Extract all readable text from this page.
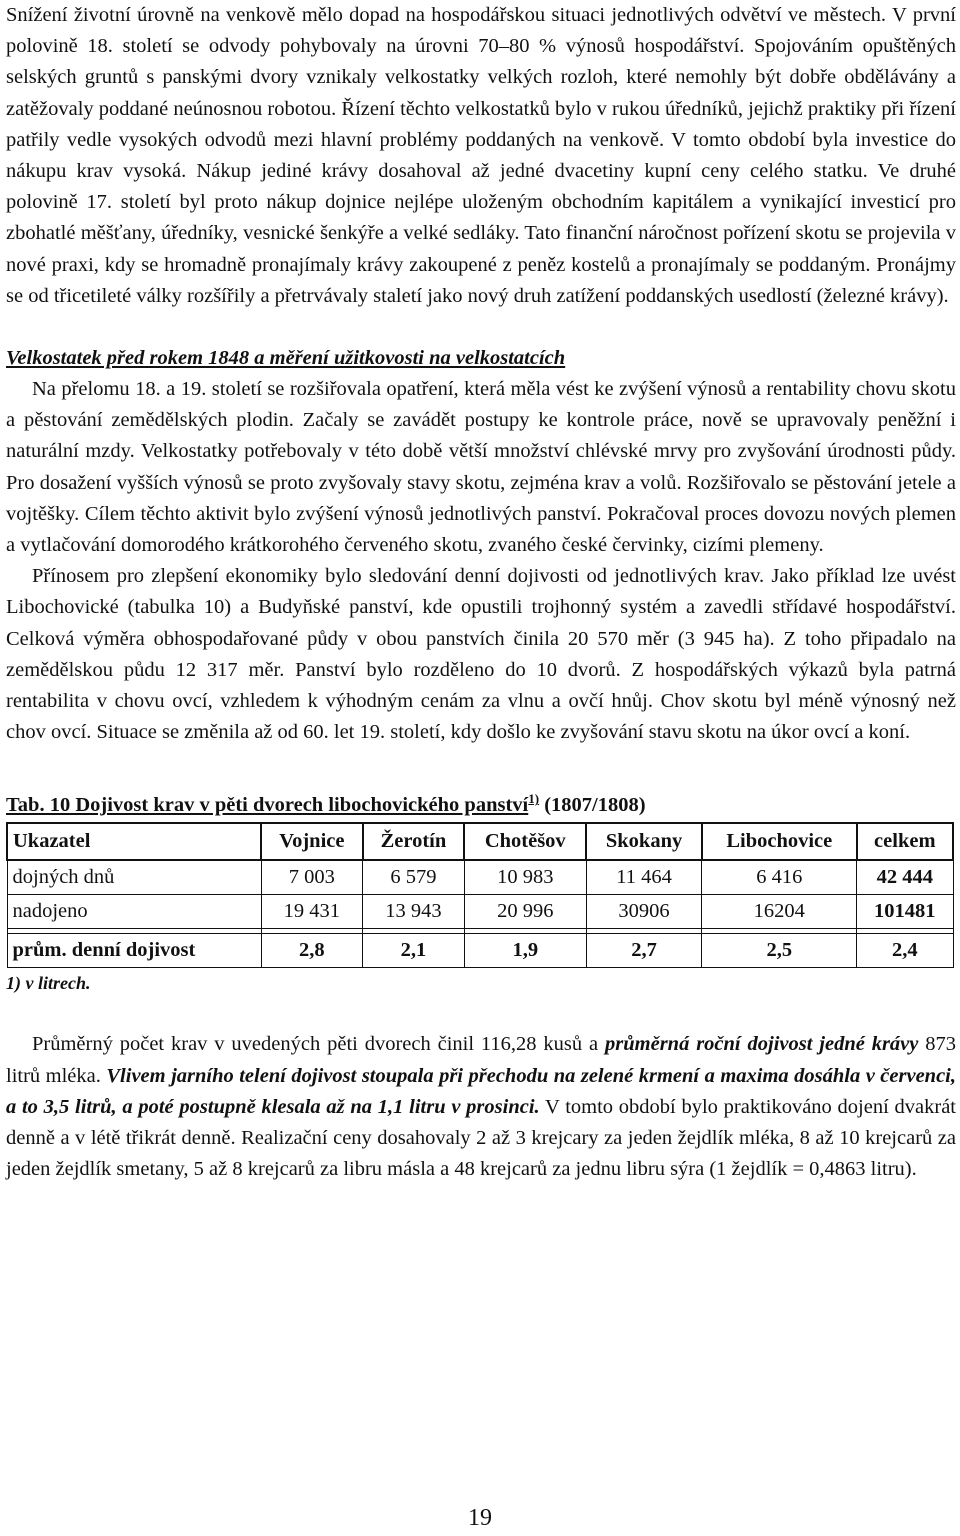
Snížení životní úrovně na venkově mělo dopad na hospodářskou situaci jednotlivých odvětví ve městech. V první polovině 18. století se odvody pohybovaly na úrovni 70–80 % výnosů hospodářství. Spojováním opuštěných selských gruntů s panskými dvory vznikaly velkostatky velkých rozloh, které nemohly být dobře obdělávány a zatěžovaly poddané neúnosnou robotou. Řízení těchto velkostatků bylo v rukou úředníků, jejichž praktiky při řízení patřily vedle vysokých odvodů mezi hlavní problémy poddaných na venkově. V tomto období byla investice do nákupu krav vysoká. Nákup jediné krávy dosahoval až jedné dvacetiny kupní ceny celého statku. Ve druhé polovině 17. století byl proto nákup dojnice nejlépe uloženým obchodním kapitálem a vynikající investicí pro zbohatlé měšťany, úředníky, vesnické šenkýře a velké sedláky. Tato finanční náročnost pořízení skotu se projevila v nové praxi, kdy se hromadně pronajímaly krávy zakoupené z peněz kostelů a pronajímaly se poddaným. Pronájmy se od třicetileté války rozšířily a přetrvávaly staletí jako nový druh zatížení poddanských usedlostí (železné krávy).

Velkostatek před rokem 1848 a měření užitkovosti na velkostatcích

Na přelomu 18. a 19. století se rozšiřovala opatření, která měla vést ke zvýšení výnosů a rentability chovu skotu a pěstování zemědělských plodin. Začaly se zavádět postupy ke kontrole práce, nově se upravovaly peněžní i naturální mzdy. Velkostatky potřebovaly v této době větší množství chlévské mrvy pro zvyšování úrodnosti půdy. Pro dosažení vyšších výnosů se proto zvyšovaly stavy skotu, zejména krav a volů. Rozšiřovalo se pěstování jetele a vojtěšky. Cílem těchto aktivit bylo zvýšení výnosů jednotlivých panství. Pokračoval proces dovozu nových plemen a vytlačování domorodého krátkorohého červeného skotu, zvaného české červinky, cizími plemeny.

Přínosem pro zlepšení ekonomiky bylo sledování denní dojivosti od jednotlivých krav. Jako příklad lze uvést Libochovické (tabulka 10) a Budyňské panství, kde opustili trojhonný systém a zavedli střídavé hospodářství. Celková výměra obhospodařované půdy v obou panstvích činila 20 570 měr (3 945 ha). Z toho připadalo na zemědělskou půdu 12 317 měr. Panství bylo rozděleno do 10 dvorů. Z hospodářských výkazů byla patrná rentabilita v chovu ovcí, vzhledem k výhodným cenám za vlnu a ovčí hnůj. Chov skotu byl méně výnosný než chov ovcí. Situace se změnila až od 60. let 19. století, kdy došlo ke zvyšování stavu skotu na úkor ovcí a koní.

Tab. 10 Dojivost krav v pěti dvorech libochovického panství$^{1)}$ (1807/1808)
Ukazatel	Vojnice	Žerotín	Chotěšov	Skokany	Libochovice	celkem
dojných dnů	7 003	6 579	10 983	11 464	6 416	42 444
nadojeno	19 431	13 943	20 996	30906	16204	101481

prům. denní dojivost	2,8	2,1	1,9	2,7	2,5	2,4
1) v litrech.

Průměrný počet krav v uvedených pěti dvorech činil 116,28 kusů a průměrná roční dojivost jedné krávy 873 litrů mléka. Vlivem jarního telení dojivost stoupala při přechodu na zelené krmení a maxima dosáhla v červenci, a to 3,5 litrů, a poté postupně klesala až na 1,1 litru v prosinci. V tomto období bylo praktikováno dojení dvakrát denně a v létě třikrát denně. Realizační ceny dosahovaly 2 až 3 krejcary za jeden žejdlík mléka, 8 až 10 krejcarů za jeden žejdlík smetany, 5 až 8 krejcarů za libru másla a 48 krejcarů za jednu libru sýra (1 žejdlík = 0,4863 litru).

19
